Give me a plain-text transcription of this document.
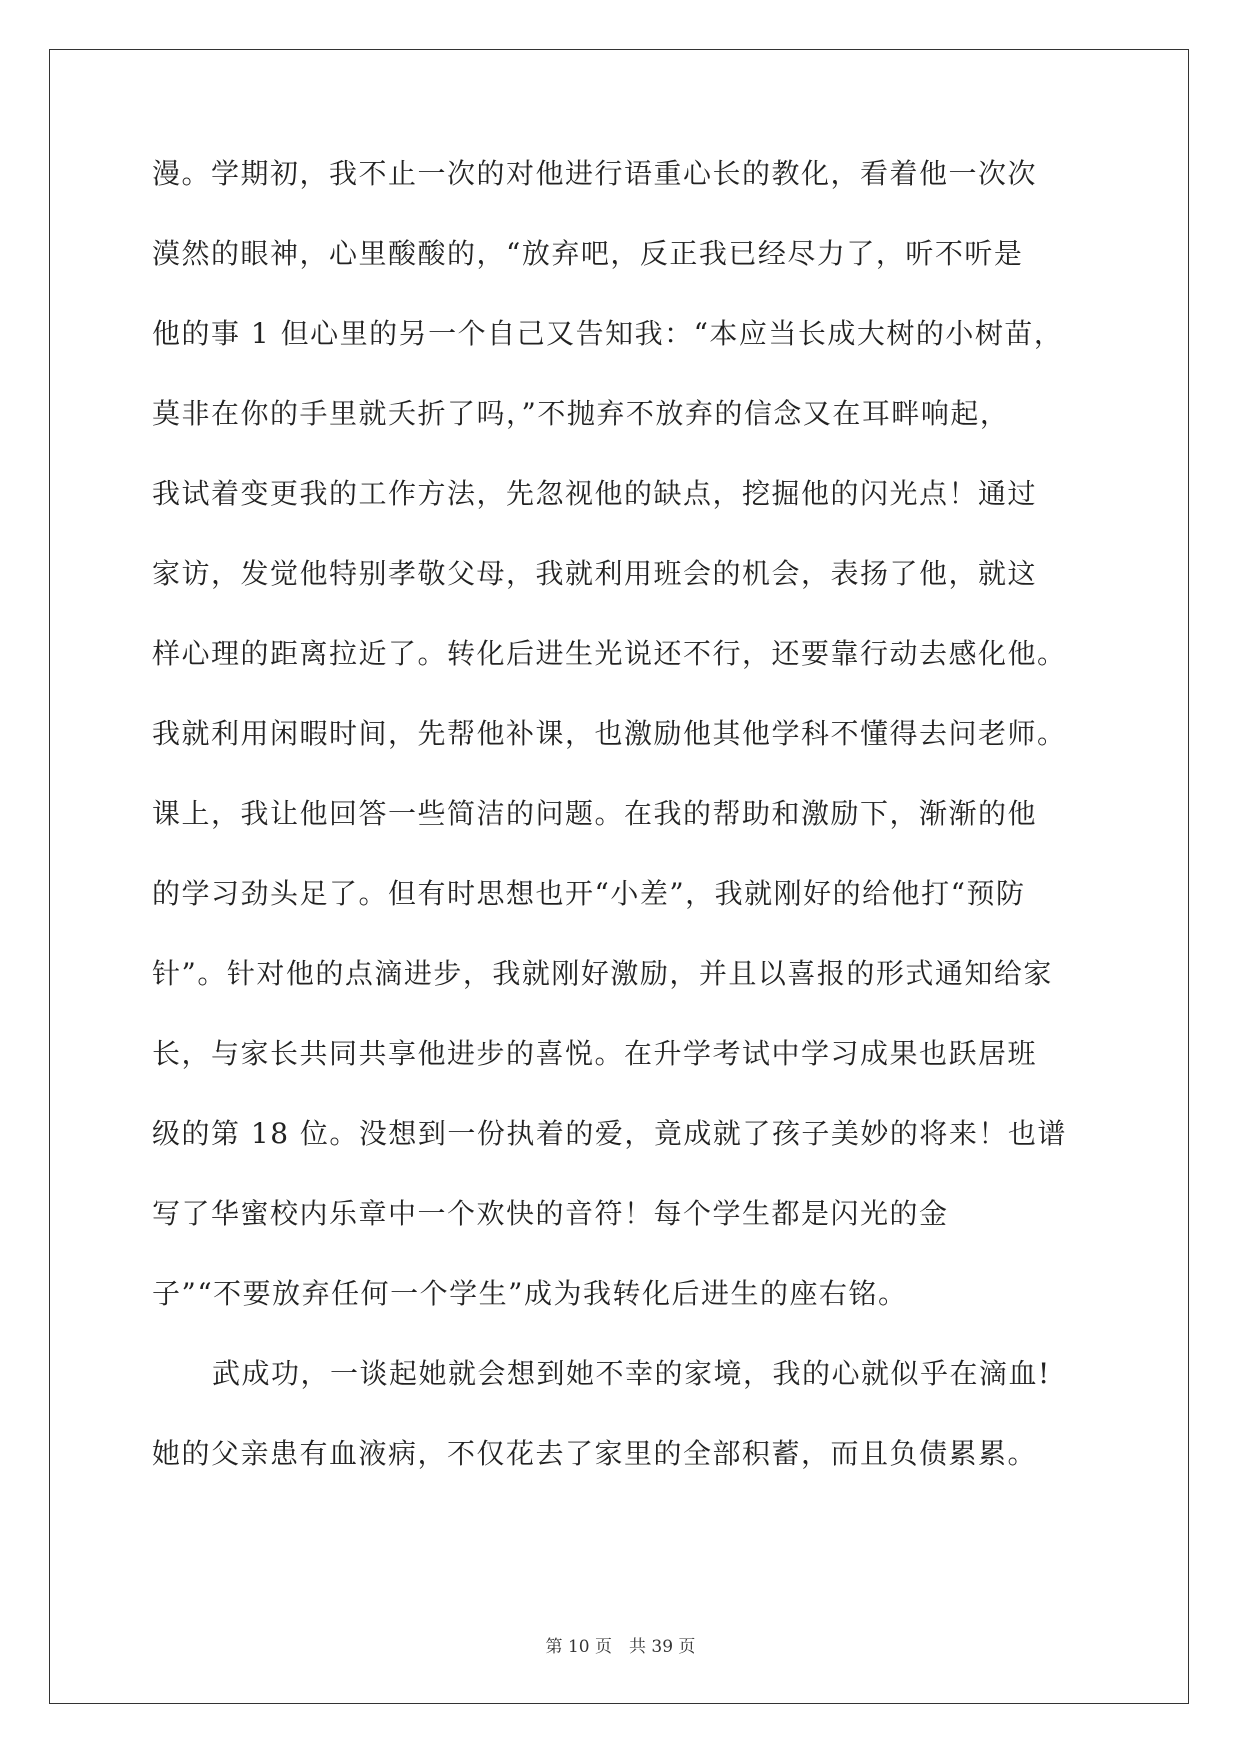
漫。学期初，我不止一次的对他进行语重心长的教化，看着他一次次
漠然的眼神，心里酸酸的，“放弃吧，反正我已经尽力了，听不听是
他的事 1 但心里的另一个自己又告知我：“本应当长成大树的小树苗，
莫非在你的手里就夭折了吗，”不抛弃不放弃的信念又在耳畔响起，
我试着变更我的工作方法，先忽视他的缺点，挖掘他的闪光点！通过
家访，发觉他特别孝敬父母，我就利用班会的机会，表扬了他，就这
样心理的距离拉近了。转化后进生光说还不行，还要靠行动去感化他。
我就利用闲暇时间，先帮他补课，也激励他其他学科不懂得去问老师。
课上，我让他回答一些简洁的问题。在我的帮助和激励下，渐渐的他
的学习劲头足了。但有时思想也开“小差”，我就刚好的给他打“预防
针”。针对他的点滴进步，我就刚好激励，并且以喜报的形式通知给家
长，与家长共同共享他进步的喜悦。在升学考试中学习成果也跃居班
级的第 18 位。没想到一份执着的爱，竟成就了孩子美妙的将来！也谱
写了华蜜校内乐章中一个欢快的音符！每个学生都是闪光的金
子”“不要放弃任何一个学生”成为我转化后进生的座右铭。
武成功，一谈起她就会想到她不幸的家境，我的心就似乎在滴血!
她的父亲患有血液病，不仅花去了家里的全部积蓄，而且负债累累。
第 10 页　共 39 页
